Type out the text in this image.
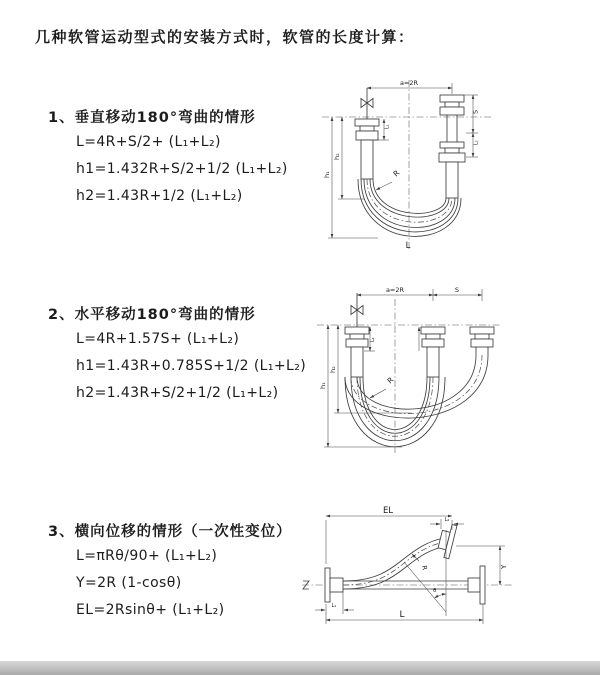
几种软管运动型式的安装方式时，软管的长度计算：
1、垂直移动180°弯曲的情形
L=4R+S/2+ (L₁+L₂)
h1=1.432R+S/2+1/2 (L₁+L₂)
h2=1.43R+1/2 (L₁+L₂)
2、水平移动180°弯曲的情形
L=4R+1.57S+ (L₁+L₂)
h1=1.43R+0.785S+1/2 (L₁+L₂)
h2=1.43R+S/2+1/2 (L₁+L₂)
3、横向位移的情形（一次性变位）
L=πRθ/90+ (L₁+L₂)
Y=2R (1-cosθ)
EL=2Rsinθ+ (L₁+L₂)
a=2R
h₁
h₂
L₁
S
L₂
R
L
a=2R	S
h₁
h₂
L₁
R
EL
L₂
Y
L
L₁
R
θ
